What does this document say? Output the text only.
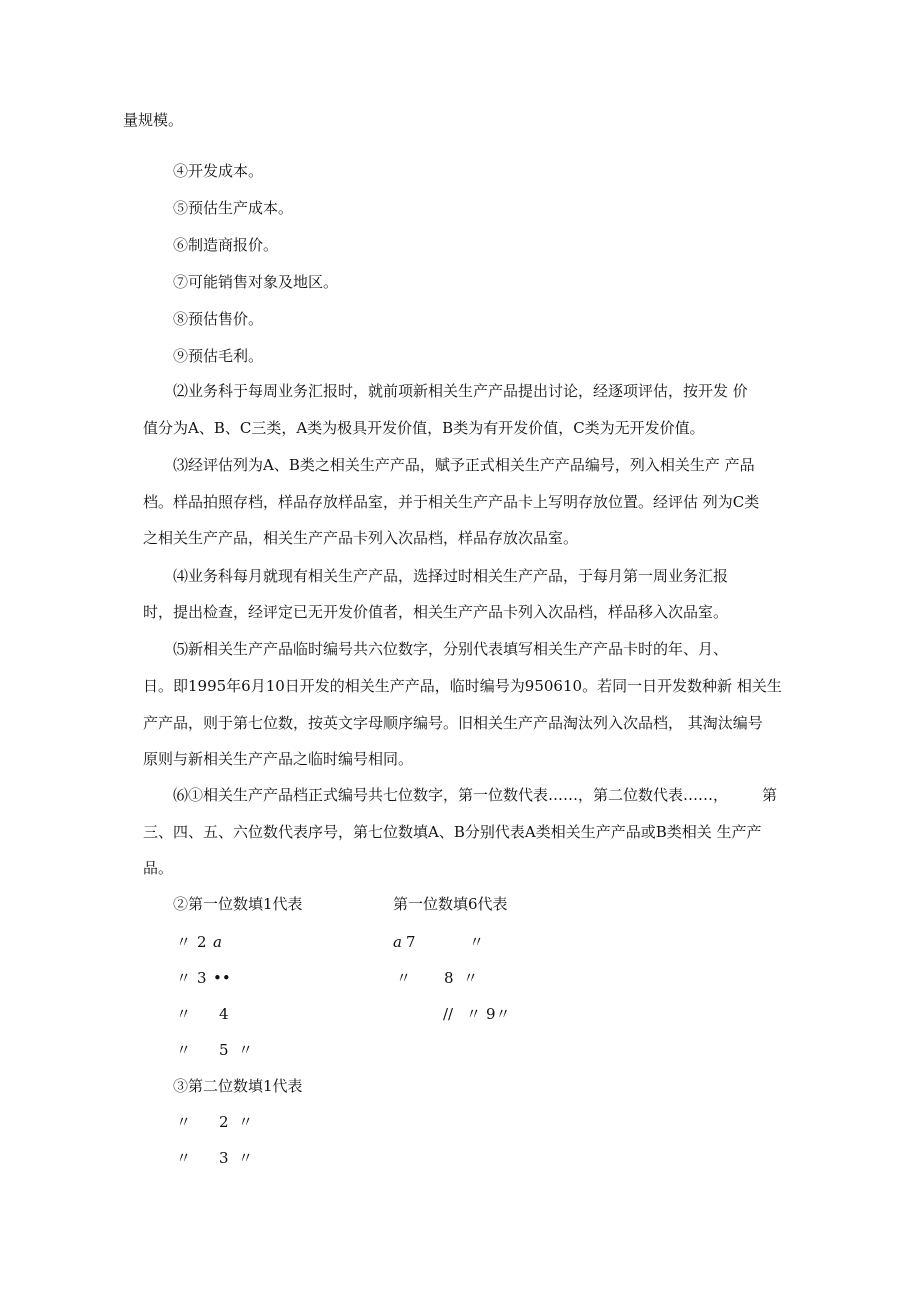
量规模。
④开发成本。
⑤预估生产成本。
⑥制造商报价。
⑦可能销售对象及地区。
⑧预估售价。
⑨预估毛利。
⑵业务科于每周业务汇报时，就前项新相关生产产品提出讨论，经逐项评估，按开发 价
值分为A、B、C三类，A类为极具开发价值，B类为有开发价值，C类为无开发价值。
⑶经评估列为A、B类之相关生产产品，赋予正式相关生产产品编号，列入相关生产 产品
档。样品拍照存档，样品存放样品室，并于相关生产产品卡上写明存放位置。经评估 列为C类
之相关生产产品，相关生产产品卡列入次品档，样品存放次品室。
⑷业务科每月就现有相关生产产品，选择过时相关生产产品，于每月第一周业务汇报
时，提出检查，经评定已无开发价值者，相关生产产品卡列入次品档，样品移入次品室。
⑸新相关生产产品临时编号共六位数字，分别代表填写相关生产产品卡时的年、月、
日。即1995年6月10日开发的相关生产产品，临时编号为950610。若同一日开发数种新 相关生
产产品，则于第七位数，按英文字母顺序编号。旧相关生产产品淘汰列入次品档， 其淘汰编号
原则与新相关生产产品之临时编号相同。
⑹①相关生产产品档正式编号共七位数字，第一位数代表……，第二位数代表……， 第
三、四、五、六位数代表序号，第七位数填A、B分别代表A类相关生产产品或B类相关 生产产
品。
②第一位数填1代表	第一位数填6代表
〃 2 a
〃 3 ••
〃 4
〃 5 〃
a 7	〃
〃 8 〃
// 〃 9〃
③第二位数填1代表
〃 2 〃
〃 3 〃
